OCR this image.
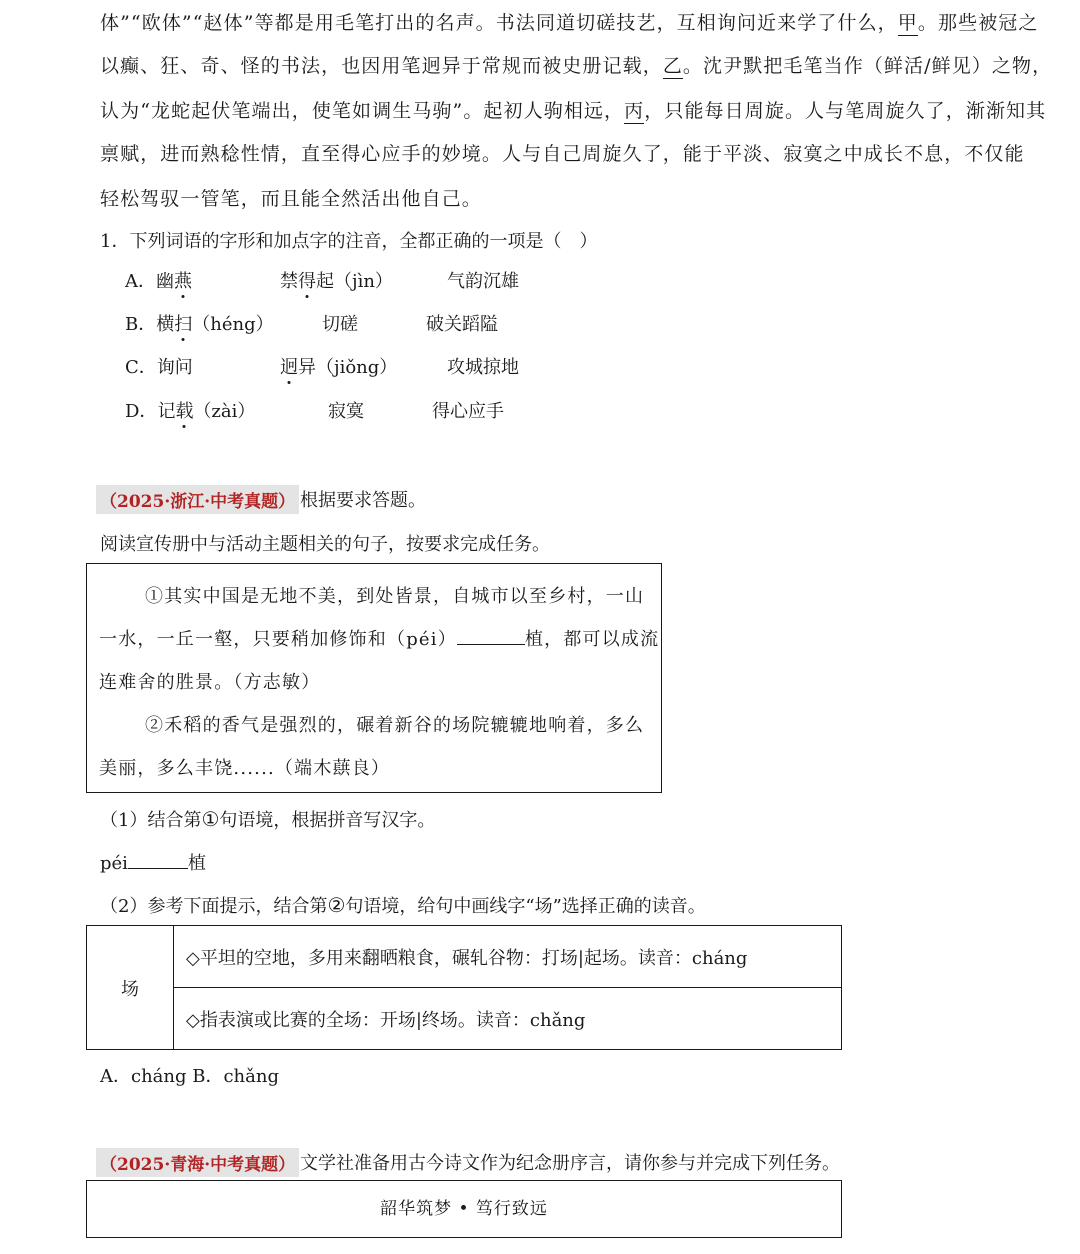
体”“欧体”“赵体”等都是用毛笔打出的名声。书法同道切磋技艺，互相询问近来学了什么，甲。那些被冠之
以癫、狂、奇、怪的书法，也因用笔迥异于常规而被史册记载，乙。沈尹默把毛笔当作（鲜活/鲜见）之物，
认为“龙蛇起伏笔端出，使笔如调生马驹”。起初人驹相远，丙，只能每日周旋。人与笔周旋久了，渐渐知其
禀赋，进而熟稔性情，直至得心应手的妙境。人与自己周旋久了，能于平淡、寂寞之中成长不息，不仅能
轻松驾驭一管笔，而且能全然活出他自己。
1．下列词语的字形和加点字的注音，全都正确的一项是（　）
A．幽燕	禁得起（jìn）	气韵沉雄
B．横扫（héng）	切磋	破关蹈隘
C．询问	迥异（jiǒng）	攻城掠地
D．记载（zài）	寂寞	得心应手
（2025·浙江·中考真题） 根据要求答题。
阅读宣传册中与活动主题相关的句子，按要求完成任务。
①其实中国是无地不美，到处皆景，自城市以至乡村，一山
一水，一丘一壑，只要稍加修饰和（péi）	植，都可以成流
连难舍的胜景。（方志敏）
②禾稻的香气是强烈的，碾着新谷的场院辘辘地响着，多么
美丽，多么丰饶......（端木蕻良）
（1）结合第①句语境，根据拼音写汉字。
péi	植
（2）参考下面提示，结合第②句语境，给句中画线字“场”选择正确的读音。
场	◇平坦的空地，多用来翻晒粮食，碾轧谷物：打场|起场。读音：cháng
◇指表演或比赛的全场：开场|终场。读音：chǎng
A．cháng B．chǎng
（2025·青海·中考真题） 文学社准备用古今诗文作为纪念册序言，请你参与并完成下列任务。
韶华筑梦 • 笃行致远
